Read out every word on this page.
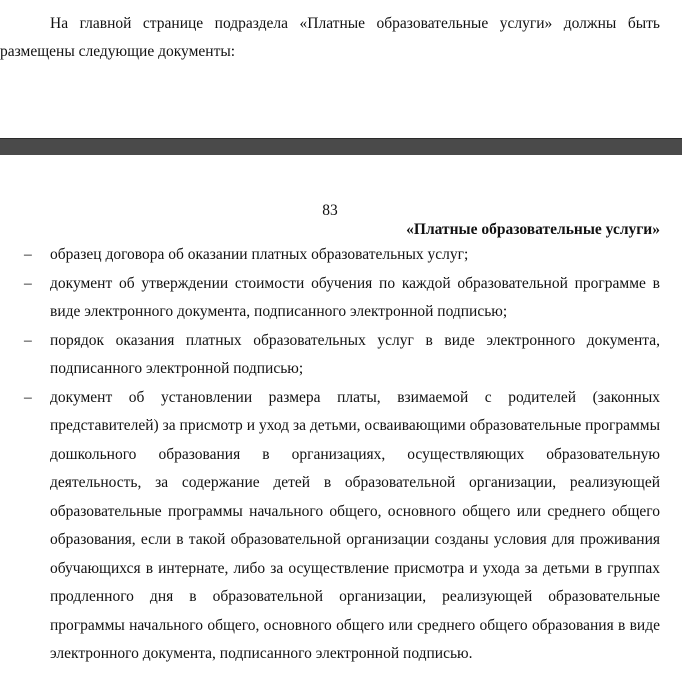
На главной странице подраздела «Платные образовательные услуги» должны быть размещены следующие документы:

83
«Платные образовательные услуги»
– образец договора об оказании платных образовательных услуг;
– документ об утверждении стоимости обучения по каждой образовательной программе в виде электронного документа, подписанного электронной подписью;
– порядок оказания платных образовательных услуг в виде электронного документа, подписанного электронной подписью;
– документ об установлении размера платы, взимаемой с родителей (законных представителей) за присмотр и уход за детьми, осваивающими образовательные программы дошкольного образования в организациях, осуществляющих образовательную деятельность, за содержание детей в образовательной организации, реализующей образовательные программы начального общего, основного общего или среднего общего образования, если в такой образовательной организации созданы условия для проживания обучающихся в интернате, либо за осуществление присмотра и ухода за детьми в группах продленного дня в образовательной организации, реализующей образовательные программы начального общего, основного общего или среднего общего образования в виде электронного документа, подписанного электронной подписью.
